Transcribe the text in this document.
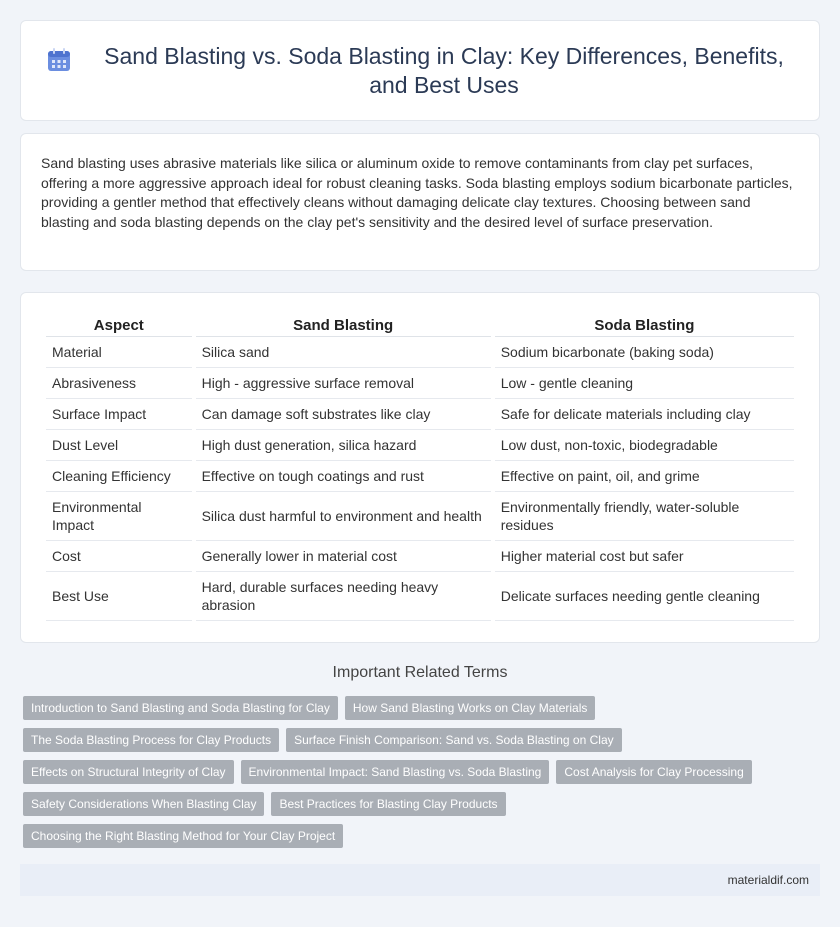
Sand Blasting vs. Soda Blasting in Clay: Key Differences, Benefits, and Best Uses

Sand blasting uses abrasive materials like silica or aluminum oxide to remove contaminants from clay pet surfaces, offering a more aggressive approach ideal for robust cleaning tasks. Soda blasting employs sodium bicarbonate particles, providing a gentler method that effectively cleans without damaging delicate clay textures. Choosing between sand blasting and soda blasting depends on the clay pet's sensitivity and the desired level of surface preservation.

Aspect	Sand Blasting	Soda Blasting
Material	Silica sand	Sodium bicarbonate (baking soda)
Abrasiveness	High - aggressive surface removal	Low - gentle cleaning
Surface Impact	Can damage soft substrates like clay	Safe for delicate materials including clay
Dust Level	High dust generation, silica hazard	Low dust, non-toxic, biodegradable
Cleaning Efficiency	Effective on tough coatings and rust	Effective on paint, oil, and grime
Environmental Impact	Silica dust harmful to environment and health	Environmentally friendly, water-soluble residues
Cost	Generally lower in material cost	Higher material cost but safer
Best Use	Hard, durable surfaces needing heavy abrasion	Delicate surfaces needing gentle cleaning
Important Related Terms
Introduction to Sand Blasting and Soda Blasting for Clay	How Sand Blasting Works on Clay Materials
The Soda Blasting Process for Clay Products	Surface Finish Comparison: Sand vs. Soda Blasting on Clay
Effects on Structural Integrity of Clay	Environmental Impact: Sand Blasting vs. Soda Blasting	Cost Analysis for Clay Processing
Safety Considerations When Blasting Clay	Best Practices for Blasting Clay Products
Choosing the Right Blasting Method for Your Clay Project
materialdif.com
